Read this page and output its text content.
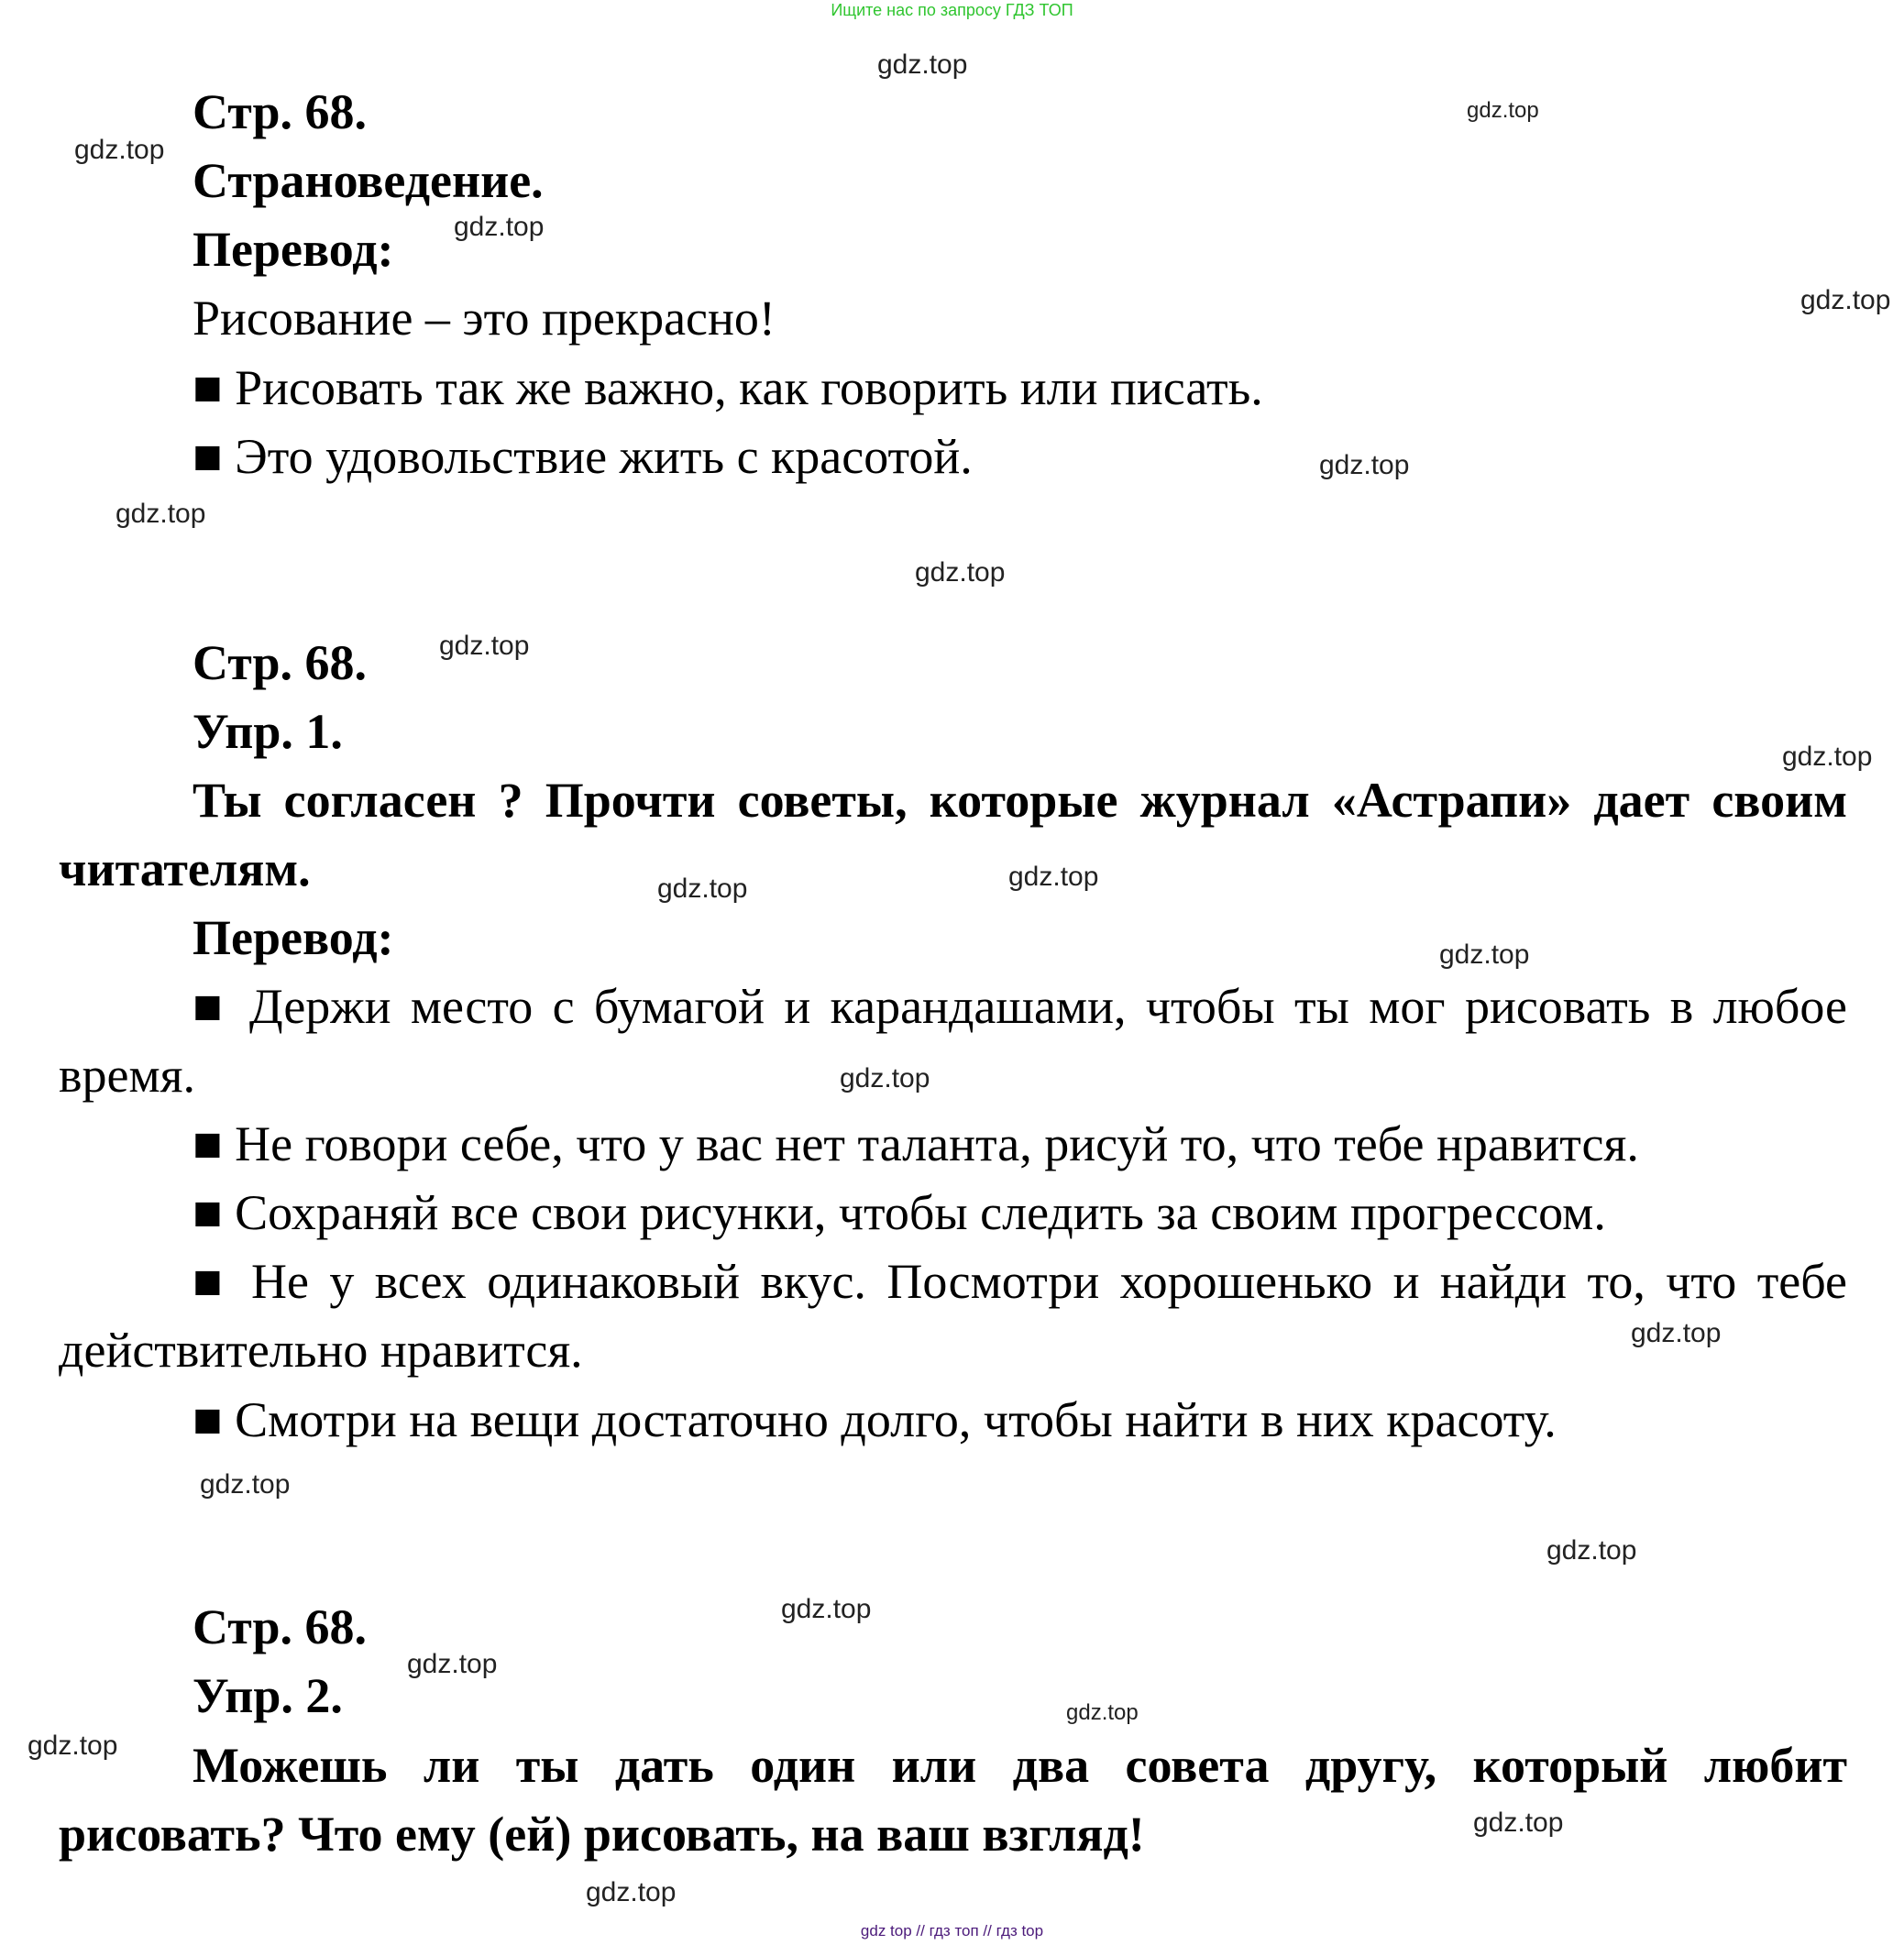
Ищите нас по запросу ГДЗ ТОП
Стр. 68.
Страноведение.
Перевод:
Рисование – это прекрасно!
■ Рисовать так же важно, как говорить или писать.
■ Это удовольствие жить с красотой.
Стр. 68.
Упр. 1.
Ты согласен ? Прочти советы, которые журнал «Астрапи» дает своим читателям.
Перевод:
■ Держи место с бумагой и карандашами, чтобы ты мог рисовать в любое время.
■ Не говори себе, что у вас нет таланта, рисуй то, что тебе нравится.
■ Сохраняй все свои рисунки, чтобы следить за своим прогрессом.
■ Не у всех одинаковый вкус. Посмотри хорошенько и найди то, что тебе действительно нравится.
■ Смотри на вещи достаточно долго, чтобы найти в них красоту.
Стр. 68.
Упр. 2.
Можешь ли ты дать один или два совета другу, который любит рисовать? Что ему (ей) рисовать, на ваш взгляд!
gdz.top
gdz.top
gdz.top
gdz.top
gdz.top
gdz.top
gdz.top
gdz.top
gdz.top
gdz.top
gdz.top
gdz.top
gdz.top
gdz.top
gdz.top
gdz.top
gdz.top
gdz.top
gdz.top
gdz.top
gdz.top
gdz.top
gdz.top
gdz top // гдз топ // гдз top
